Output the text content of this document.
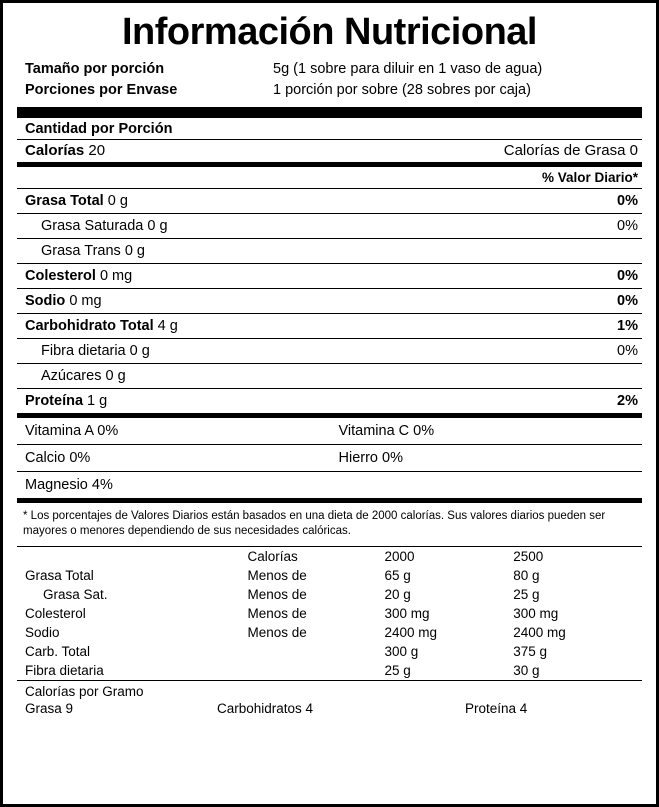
Información Nutricional
Tamaño por porción	5g (1 sobre para diluir en 1 vaso de agua)
Porciones por Envase	1 porción por sobre (28 sobres por caja)
Cantidad por Porción
Calorías 20	Calorías de Grasa 0
% Valor Diario*
Grasa Total 0 g	0%
Grasa Saturada 0 g	0%
Grasa Trans 0 g
Colesterol 0 mg	0%
Sodio 0 mg	0%
Carbohidrato Total 4 g	1%
Fibra dietaria 0 g	0%
Azúcares 0 g
Proteína 1 g	2%
Vitamina A 0%	Vitamina C 0%
Calcio 0%	Hierro 0%
Magnesio 4%
* Los porcentajes de Valores Diarios están basados en una dieta de 2000 calorías. Sus valores diarios pueden ser mayores o menores dependiendo de sus necesidades calóricas.
	Calorías	2000	2500
Grasa Total	Menos de	65 g	80 g
Grasa Sat.	Menos de	20 g	25 g
Colesterol	Menos de	300 mg	300 mg
Sodio	Menos de	2400 mg	2400 mg
Carb. Total		300 g	375 g
Fibra dietaria		25 g	30 g
Calorías por Gramo
Grasa 9	Carbohidratos 4	Proteína 4
